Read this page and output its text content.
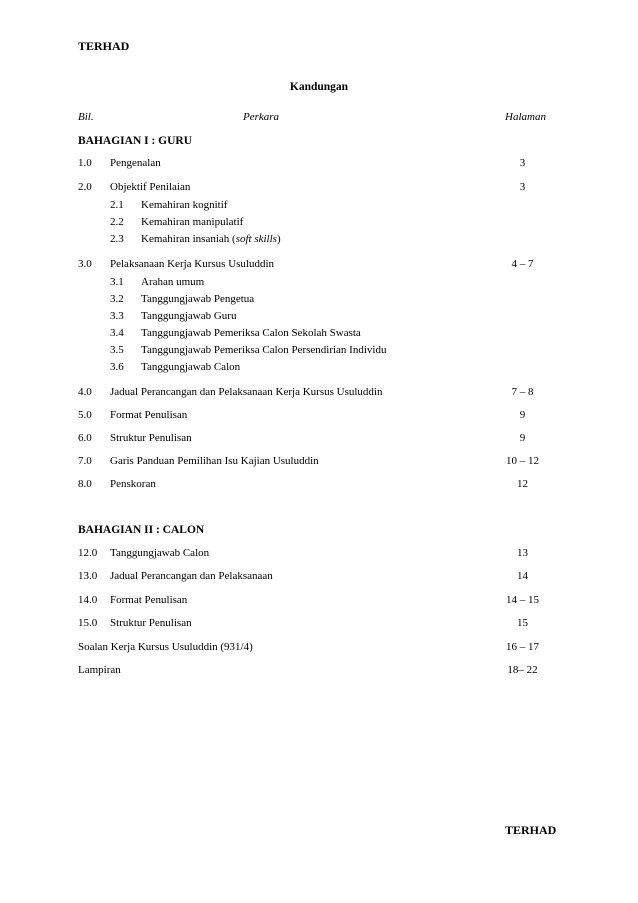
TERHAD
Kandungan
Bil.	Perkara	Halaman
BAHAGIAN I : GURU
1.0 Pengenalan	3
2.0 Objektif Penilaian	3
2.1 Kemahiran kognitif
2.2 Kemahiran manipulatif
2.3 Kemahiran insaniah (soft skills)
3.0 Pelaksanaan Kerja Kursus Usuluddin	4 – 7
3.1 Arahan umum
3.2 Tanggungjawab Pengetua
3.3 Tanggungjawab Guru
3.4 Tanggungjawab Pemeriksa Calon Sekolah Swasta
3.5 Tanggungjawab Pemeriksa Calon Persendirian Individu
3.6 Tanggungjawab Calon
4.0 Jadual Perancangan dan Pelaksanaan Kerja Kursus Usuluddin	7 – 8
5.0 Format Penulisan	9
6.0 Struktur Penulisan	9
7.0 Garis Panduan Pemilihan Isu Kajian Usuluddin	10 – 12
8.0 Penskoran	12
BAHAGIAN II : CALON
12.0 Tanggungjawab Calon	13
13.0 Jadual Perancangan dan Pelaksanaan	14
14.0 Format Penulisan	14 – 15
15.0 Struktur Penulisan	15
Soalan Kerja Kursus Usuluddin (931/4)	16 – 17
Lampiran	18– 22
TERHAD
